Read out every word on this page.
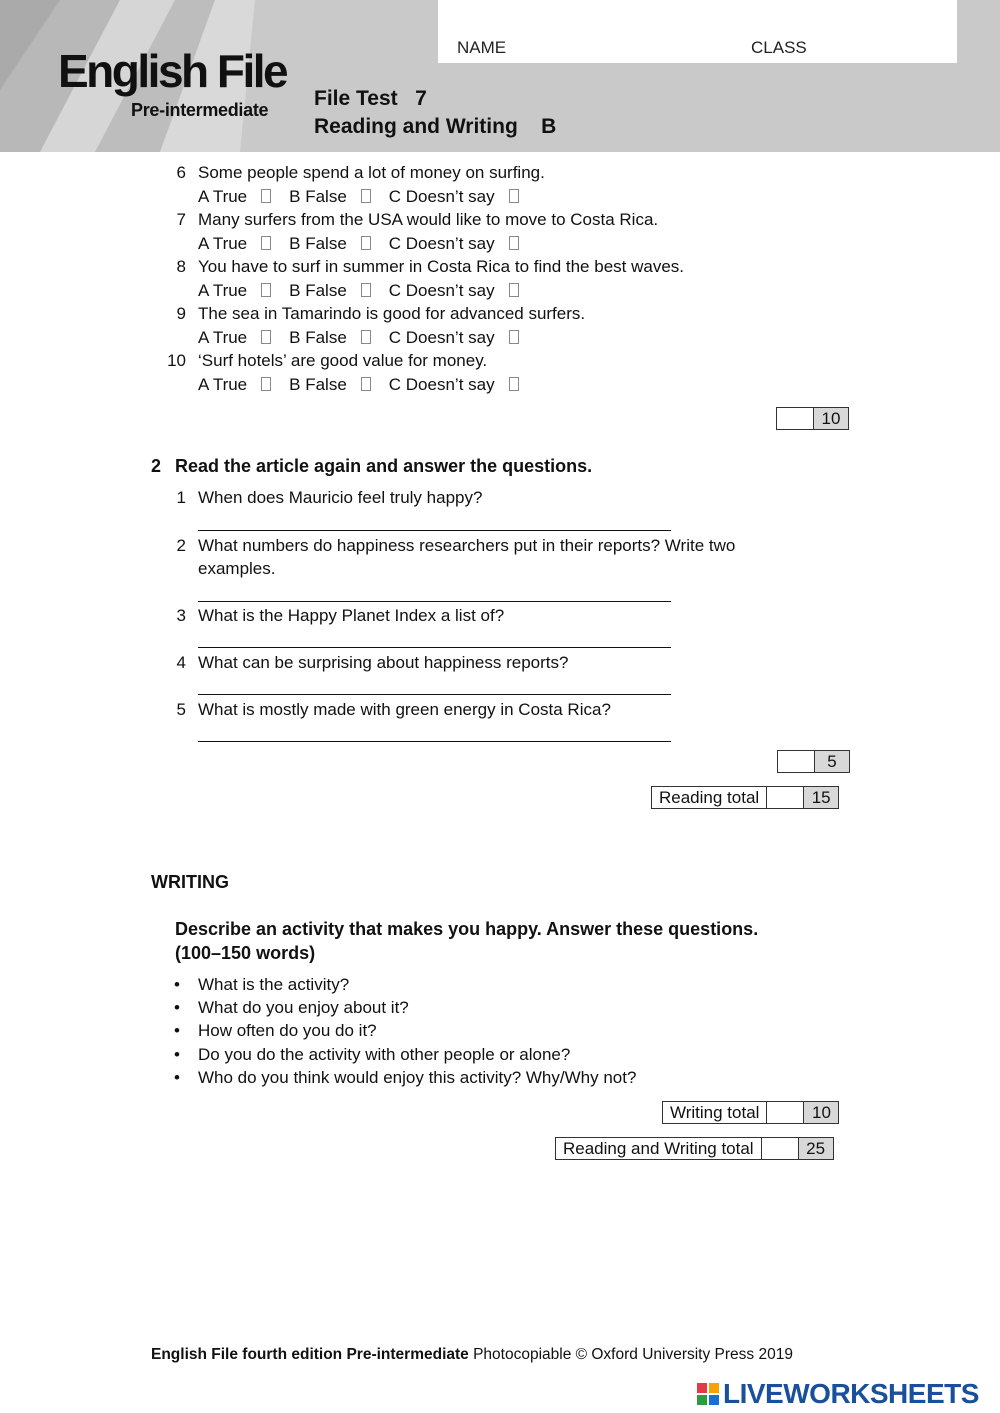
English File
Pre-intermediate
NAME	CLASS
File Test   7
Reading and Writing    B
6 Some people spend a lot of money on surfing.
A True B False C Doesn’t say
7 Many surfers from the USA would like to move to Costa Rica.
A True B False C Doesn’t say
8 You have to surf in summer in Costa Rica to find the best waves.
A True B False C Doesn’t say
9 The sea in Tamarindo is good for advanced surfers.
A True B False C Doesn’t say
10 ‘Surf hotels’ are good value for money.
A True B False C Doesn’t say
	10
2 Read the article again and answer the questions.
1 When does Mauricio feel truly happy?
2 What numbers do happiness researchers put in their reports? Write two
examples.
3 What is the Happy Planet Index a list of?
4 What can be surprising about happiness reports?
5 What is mostly made with green energy in Costa Rica?
	5
Reading total		15
WRITING
Describe an activity that makes you happy. Answer these questions.
(100–150 words)
• What is the activity?
• What do you enjoy about it?
• How often do you do it?
• Do you do the activity with other people or alone?
• Who do you think would enjoy this activity? Why/Why not?
Writing total		10
Reading and Writing total		25
English File fourth edition Pre-intermediate Photocopiable © Oxford University Press 2019
LIVEWORKSHEETS
